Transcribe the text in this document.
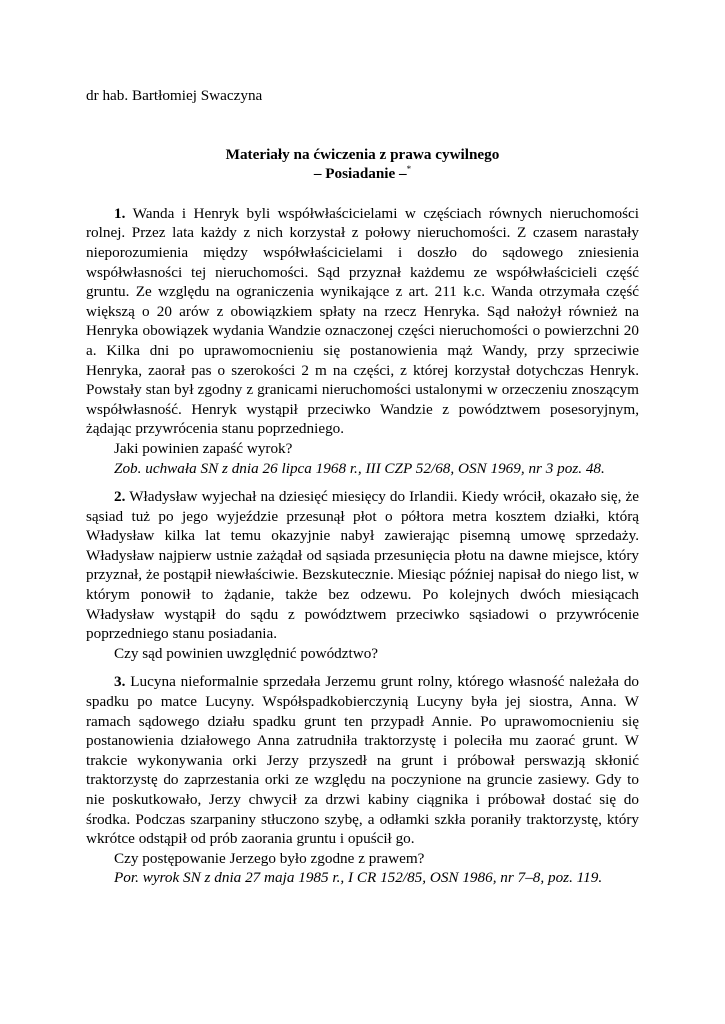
dr hab. Bartłomiej Swaczyna

Materiały na ćwiczenia z prawa cywilnego
– Posiadanie –*

1. Wanda i Henryk byli współwłaścicielami w częściach równych nieruchomości rolnej. Przez lata każdy z nich korzystał z połowy nieruchomości. Z czasem narastały nieporozumienia między współwłaścicielami i doszło do sądowego zniesienia współwłasności tej nieruchomości. Sąd przyznał każdemu ze współwłaścicieli część gruntu. Ze względu na ograniczenia wynikające z art. 211 k.c. Wanda otrzymała część większą o 20 arów z obowiązkiem spłaty na rzecz Henryka. Sąd nałożył również na Henryka obowiązek wydania Wandzie oznaczonej części nieruchomości o powierzchni 20 a. Kilka dni po uprawomocnieniu się postanowienia mąż Wandy, przy sprzeciwie Henryka, zaorał pas o szerokości 2 m na części, z której korzystał dotychczas Henryk. Powstały stan był zgodny z granicami nieruchomości ustalonymi w orzeczeniu znoszącym współwłasność. Henryk wystąpił przeciwko Wandzie z powództwem posesoryjnym, żądając przywrócenia stanu poprzedniego.

Jaki powinien zapaść wyrok?

Zob. uchwała SN z dnia 26 lipca 1968 r., III CZP 52/68, OSN 1969, nr 3 poz. 48.

2. Władysław wyjechał na dziesięć miesięcy do Irlandii. Kiedy wrócił, okazało się, że sąsiad tuż po jego wyjeździe przesunął płot o półtora metra kosztem działki, którą Władysław kilka lat temu okazyjnie nabył zawierając pisemną umowę sprzedaży. Władysław najpierw ustnie zażądał od sąsiada przesunięcia płotu na dawne miejsce, który przyznał, że postąpił niewłaściwie. Bezskutecznie. Miesiąc później napisał do niego list, w którym ponowił to żądanie, także bez odzewu. Po kolejnych dwóch miesiącach Władysław wystąpił do sądu z powództwem przeciwko sąsiadowi o przywrócenie poprzedniego stanu posiadania.

Czy sąd powinien uwzględnić powództwo?

3. Lucyna nieformalnie sprzedała Jerzemu grunt rolny, którego własność należała do spadku po matce Lucyny. Współspadkobierczynią Lucyny była jej siostra, Anna. W ramach sądowego działu spadku grunt ten przypadł Annie. Po uprawomocnieniu się postanowienia działowego Anna zatrudniła traktorzystę i poleciła mu zaorać grunt. W trakcie wykonywania orki Jerzy przyszedł na grunt i próbował perswazją skłonić traktorzystę do zaprzestania orki ze względu na poczynione na gruncie zasiewy. Gdy to nie poskutkowało, Jerzy chwycił za drzwi kabiny ciągnika i próbował dostać się do środka. Podczas szarpaniny stłuczono szybę, a odłamki szkła poraniły traktorzystę, który wkrótce odstąpił od prób zaorania gruntu i opuścił go.

Czy postępowanie Jerzego było zgodne z prawem?

Por. wyrok SN z dnia 27 maja 1985 r., I CR 152/85, OSN 1986, nr 7–8, poz. 119.
